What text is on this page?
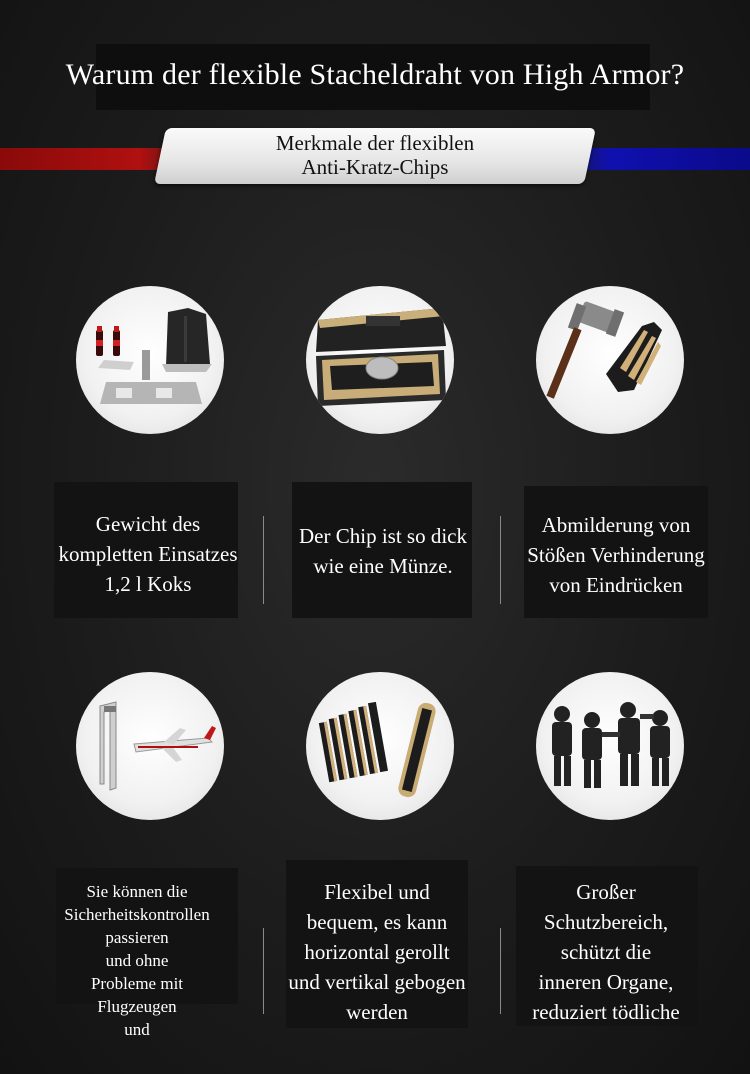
Warum der flexible Stacheldraht von High Armor?
Merkmale der flexiblen
Anti-Kratz-Chips
Gewicht des
kompletten Einsatzes
1,2 l Koks
Der Chip ist so dick
wie eine Münze.
Abmilderung von
Stößen Verhinderung
von Eindrücken
Sie können die
Sicherheitskontrollen
passieren
und ohne
Probleme mit
Flugzeugen
und
Flexibel und
bequem, es kann
horizontal gerollt
und vertikal gebogen
werden
Großer
Schutzbereich,
schützt die
inneren Organe,
reduziert tödliche
